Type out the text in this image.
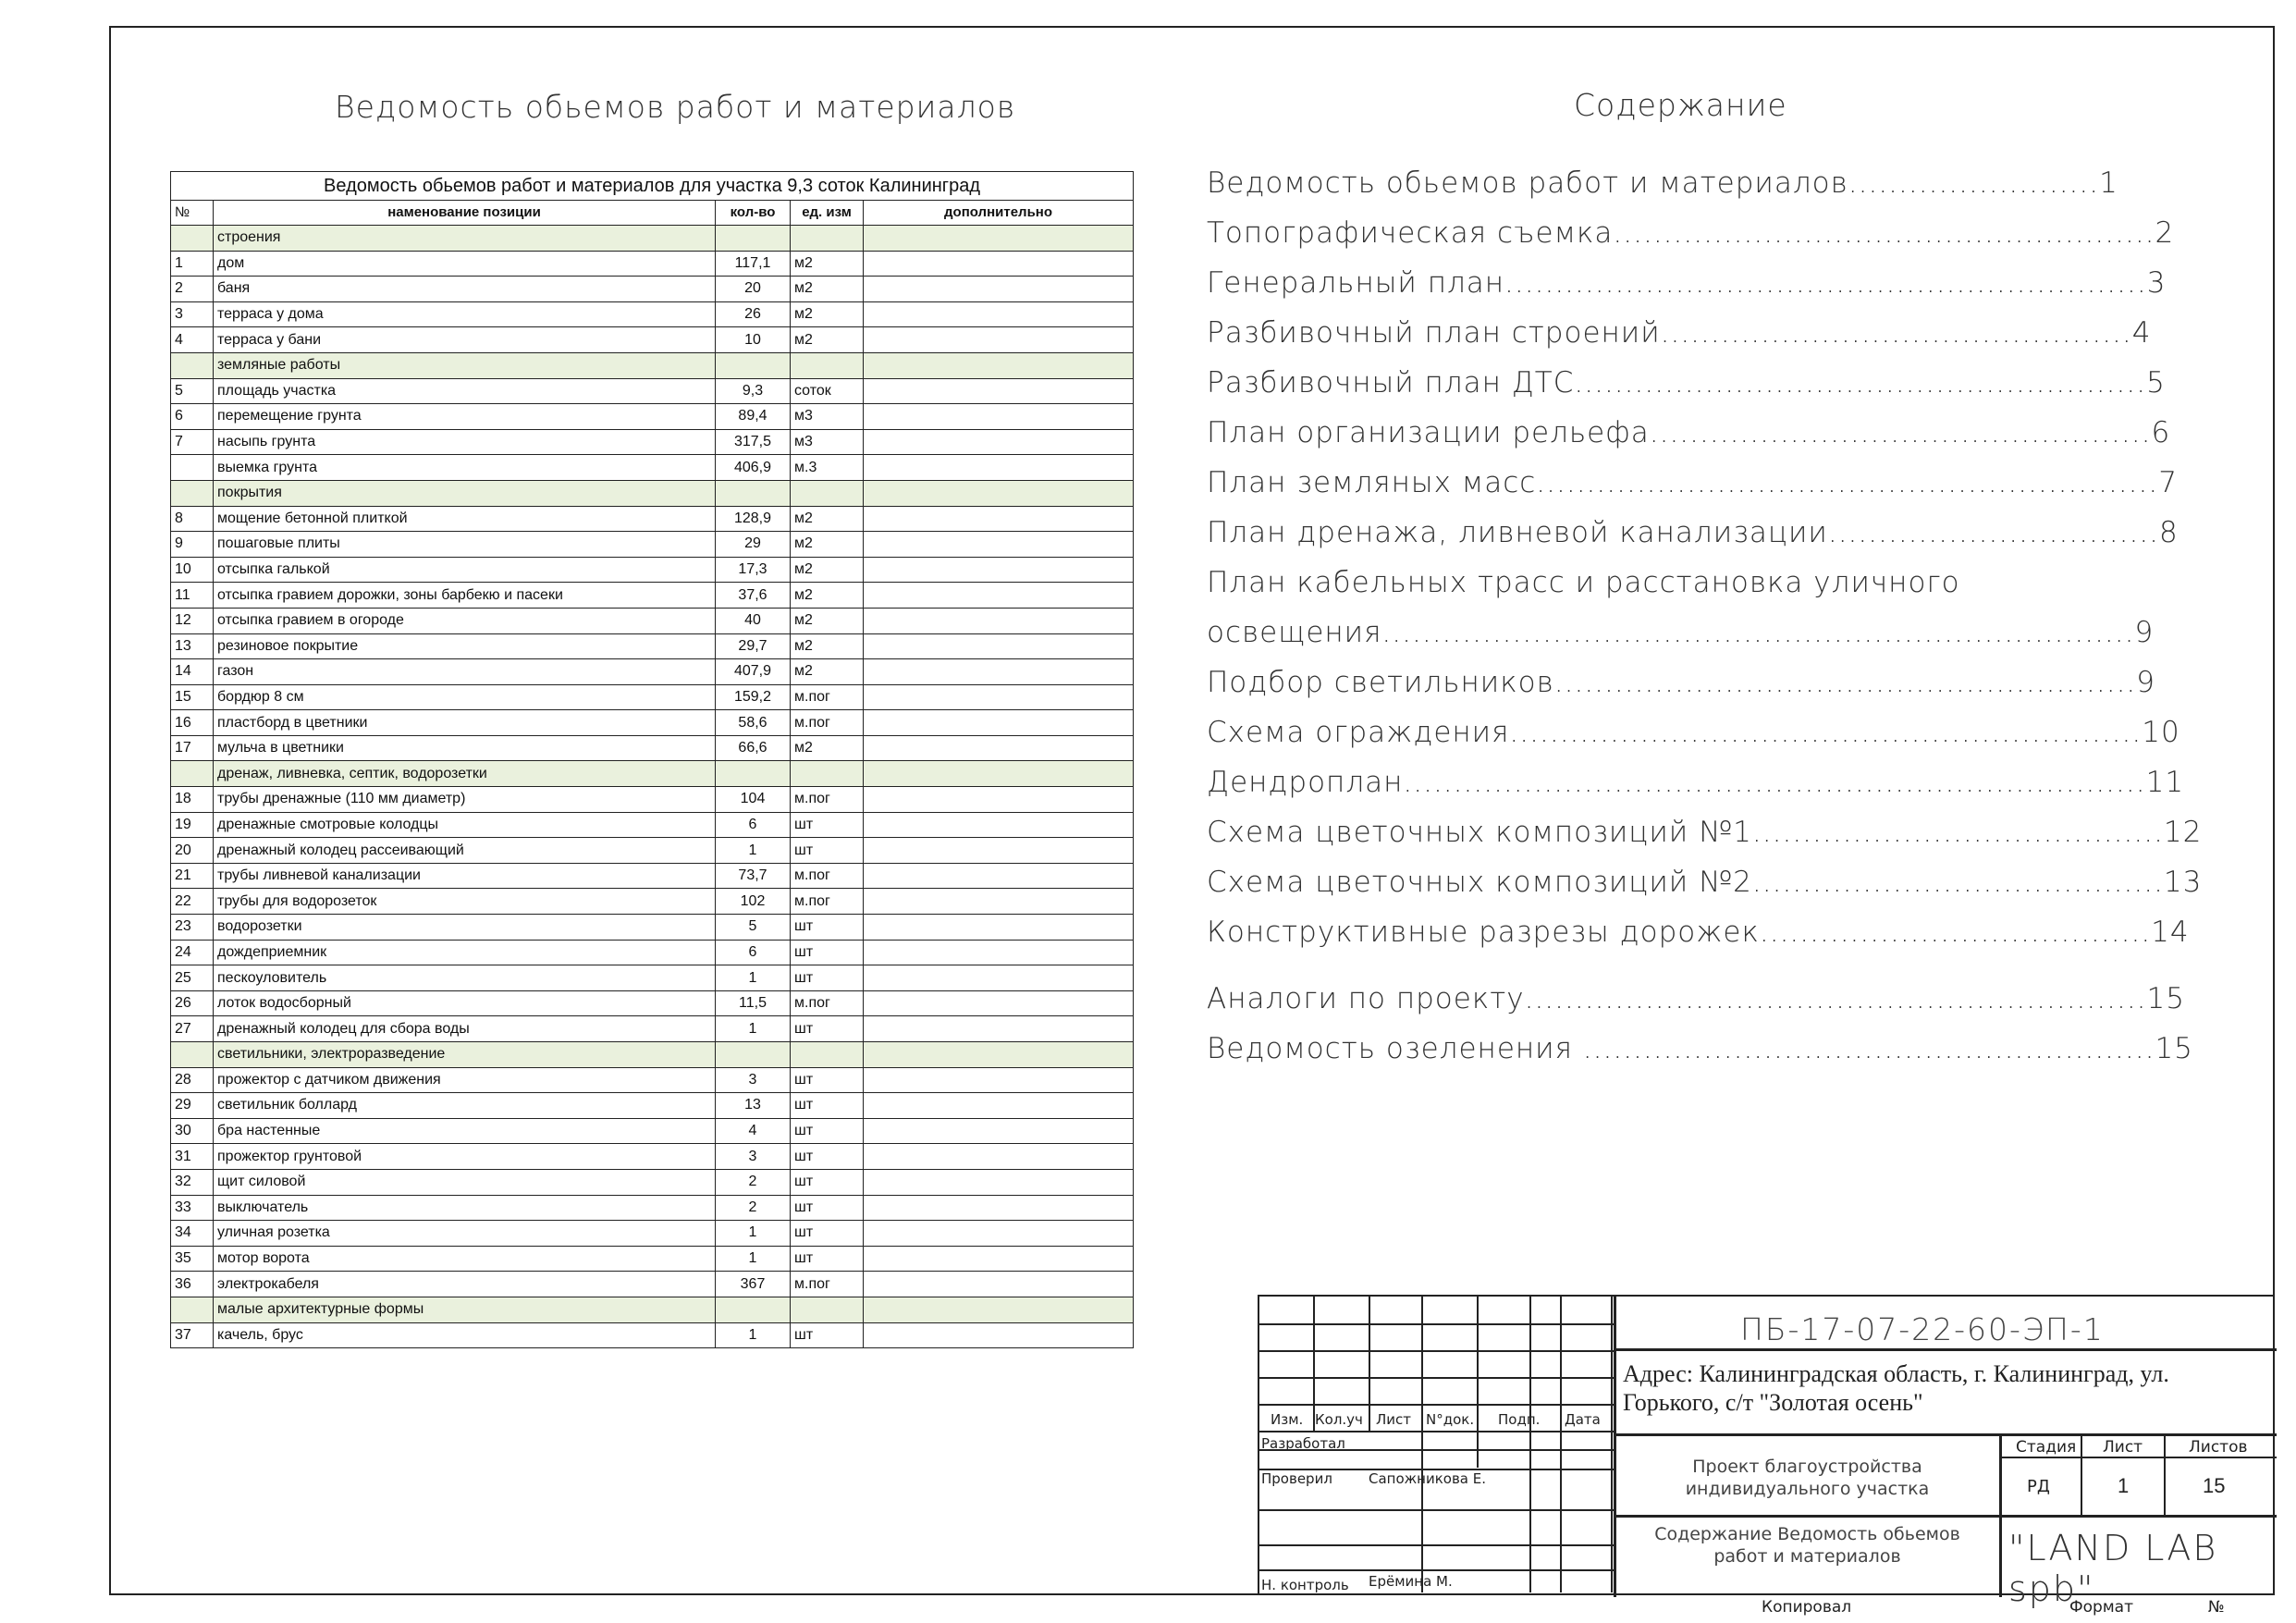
Ведомость обьемов работ и материалов	Содержание
Ведомость обьемов работ и материалов для участка 9,3 соток Калининград				
№	наменование позиции	кол-во	ед. изм	дополнительно
	строения			
1	дом	117,1	м2	
2	баня	20	м2	
3	терраса у дома	26	м2	
4	терраса у бани	10	м2	
	земляные работы			
5	площадь участка	9,3	соток	
6	перемещение грунта	89,4	м3	
7	насыпь грунта	317,5	м3	
	выемка грунта	406,9	м.3	
	покрытия			
8	мощение бетонной плиткой	128,9	м2	
9	пошаговые плиты	29	м2	
10	отсыпка галькой	17,3	м2	
11	отсыпка гравием дорожки, зоны барбекю и пасеки	37,6	м2	
12	отсыпка гравием в огороде	40	м2	
13	резиновое покрытие	29,7	м2	
14	газон	407,9	м2	
15	бордюр 8 см	159,2	м.пог	
16	пластборд в цветники	58,6	м.пог	
17	мульча в цветники	66,6	м2	
	дренаж, ливневка, септик, водорозетки			
18	трубы дренажные (110 мм диаметр)	104	м.пог	
19	дренажные смотровые колодцы	6	шт	
20	дренажный колодец рассеивающий	1	шт	
21	трубы ливневой канализации	73,7	м.пог	
22	трубы для водорозеток	102	м.пог	
23	водорозетки	5	шт	
24	дождеприемник	6	шт	
25	пескоуловитель	1	шт	
26	лоток водосборный	11,5	м.пог	
27	дренажный колодец для сбора воды	1	шт	
	светильники, электроразведение			
28	прожектор с датчиком движения	3	шт	
29	светильник боллард	13	шт	
30	бра настенные	4	шт	
31	прожектор грунтовой	3	шт	
32	щит силовой	2	шт	
33	выключатель	2	шт	
34	уличная розетка	1	шт	
35	мотор ворота	1	шт	
36	электрокабеля	367	м.пог	
	малые архитектурные формы			
37	качель, брус	1	шт	
Ведомость обьемов работ и материалов.........................1
Топографическая съемка......................................................2
Генеральный план................................................................3
Разбивочный план строений...............................................4
Разбивочный план ДТС.........................................................5
План организации рельефа..................................................6
План земляных масс..............................................................7
План дренажа, ливневой канализации.................................8
План кабельных трасс и расстановка уличного
освещения...........................................................................9
Подбор светильников..........................................................9
Схема ограждения...............................................................10
Дендроплан..........................................................................11
Схема цветочных композиций №1.........................................12
Схема цветочных композиций №2.........................................13
Конструктивные разрезы дорожек.......................................14
Аналоги по проекту..............................................................15
Ведомость озеленения .........................................................15
Изм. Кол.уч Лист N°док. Подп. Дата
Разработал
Проверил	Сапожникова Е.
Н. контроль Ерёмина М.
ПБ-17-07-22-60-ЭП-1
Адрес: Калининградская область, г. Калининград, ул. Горького, с/т "Золотая осень"
Проект благоустройства индивидуального участка
Стадия Лист	Листов
РД	1	15
Содержание Ведомость обьемов работ и материалов	"LAND LAB spb"
Копировал	Формат	№
